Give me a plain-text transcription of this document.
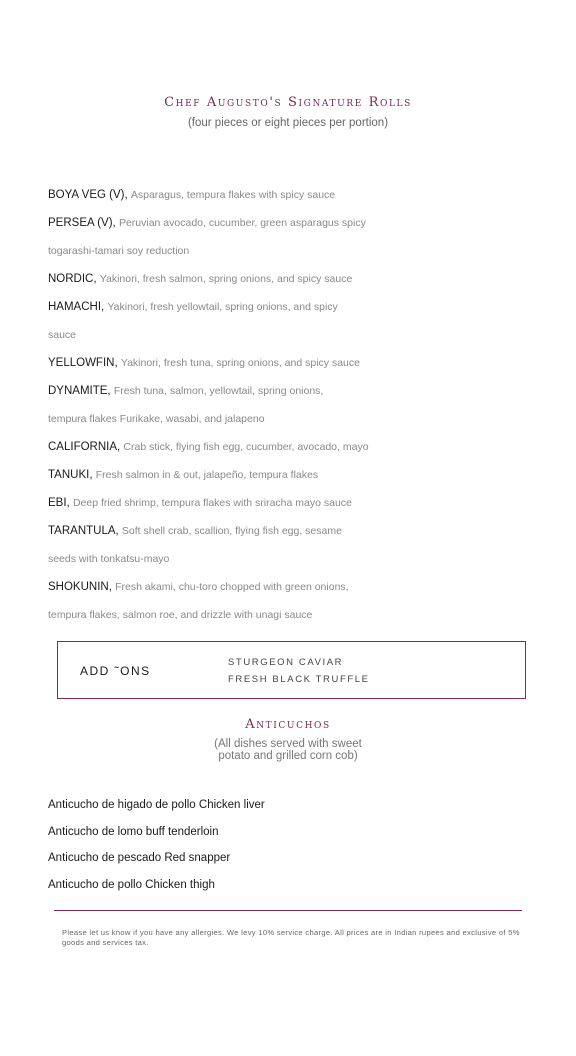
Chef Augusto's Signature Rolls
(four pieces or eight pieces per portion)
BOYA VEG (V), Asparagus, tempura flakes with spicy sauce
PERSEA (V), Peruvian avocado, cucumber, green asparagus spicy togarashi-tamari soy reduction
NORDIC, Yakinori, fresh salmon, spring onions, and spicy sauce
HAMACHI, Yakinori, fresh yellowtail, spring onions, and spicy sauce
YELLOWFIN, Yakinori, fresh tuna, spring onions, and spicy sauce
DYNAMITE, Fresh tuna, salmon, yellowtail, spring onions, tempura flakes Furikake, wasabi, and jalapeno
CALIFORNIA, Crab stick, flying fish egg, cucumber, avocado, mayo
TANUKI, Fresh salmon in & out, jalapeño, tempura flakes
EBI, Deep fried shrimp, tempura flakes with sriracha mayo sauce
TARANTULA, Soft shell crab, scallion, flying fish egg, sesame seeds with tonkatsu-mayo
SHOKUNIN, Fresh akami, chu-toro chopped with green onions, tempura flakes, salmon roe, and drizzle with unagi sauce
ADD ˜ONS
STURGEON CAVIAR
FRESH BLACK TRUFFLE
Anticuchos
(All dishes served with sweet
potato and grilled corn cob)
Anticucho de higado de pollo Chicken liver
Anticucho de lomo buff tenderloin
Anticucho de pescado Red snapper
Anticucho de pollo Chicken thigh
Please let us know if you have any allergies. We levy 10% service charge. All prices are in Indian rupees and exclusive of 5% goods and services tax.
